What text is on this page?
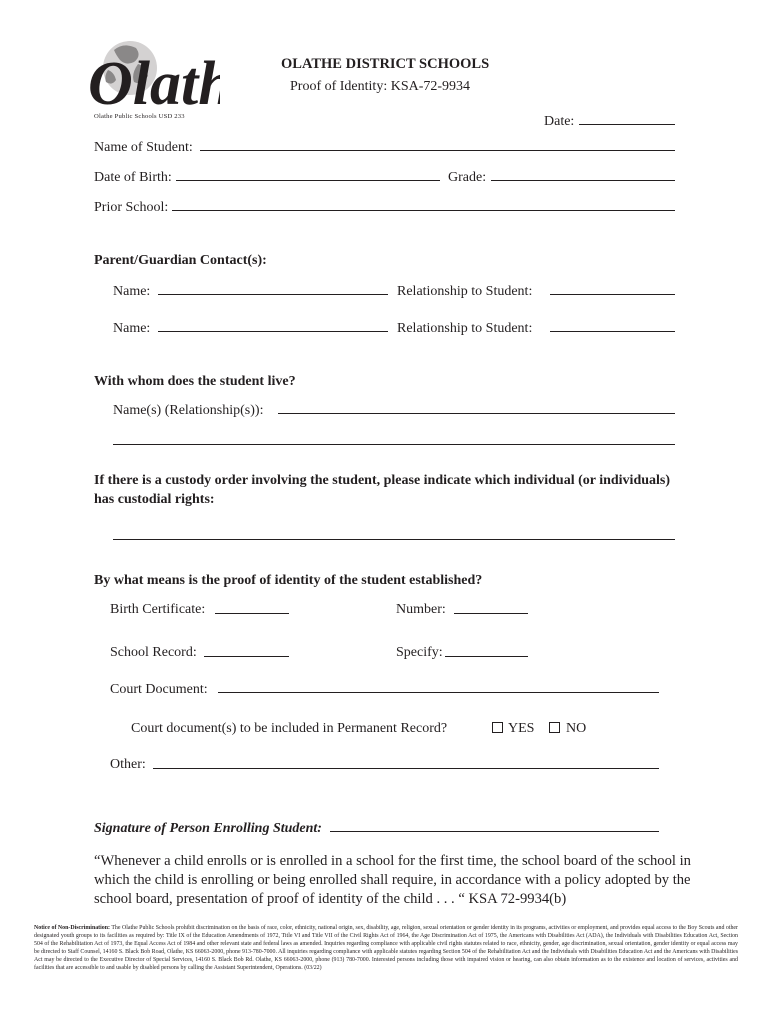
Olat
Olathe Public Schools USD 233
OLATHE DISTRICT SCHOOLS
Proof of Identity: KSA-72-9934
Date:
Name of Student:
Date of Birth:	Grade:
Prior School:
Parent/Guardian Contact(s):
Name:	Relationship to Student:
Name:	Relationship to Student:
With whom does the student live?
Name(s) (Relationship(s)):
If there is a custody order involving the student, please indicate which individual (or individuals)
has custodial rights:
By what means is the proof of identity of the student established?
Birth Certificate:	Number:
School Record:	Specify:
Court Document:
Court document(s) to be included in Permanent Record?	YES NO
Other:
Signature of Person Enrolling Student:
“Whenever a child enrolls or is enrolled in a school for the first time, the school board of the school in which the child is enrolling or being enrolled shall require, in accordance with a policy adopted by the school board, presentation of proof of identity of the child . . . “ KSA 72-9934(b)
Notice of Non-Discrimination: The Olathe Public Schools prohibit discrimination on the basis of race, color, ethnicity, national origin, sex, disability, age, religion, sexual orientation or gender identity in its programs, activities or employment, and provides equal access to the Boy Scouts and other designated youth groups to its facilities as required by: Title IX of the Education Amendments of 1972, Title VI and Title VII of the Civil Rights Act of 1964, the Age Discrimination Act of 1975, the Americans with Disabilities Act (ADA), the Individuals with Disabilities Education Act, Section 504 of the Rehabilitation Act of 1973, the Equal Access Act of 1984 and other relevant state and federal laws as amended. Inquiries regarding compliance with applicable civil rights statutes related to race, ethnicity, gender, age discrimination, sexual orientation, gender identity or equal access may be directed to Staff Counsel, 14160 S. Black Bob Road, Olathe, KS 66063-2000, phone 913-780-7000. All inquiries regarding compliance with applicable statutes regarding Section 504 of the Rehabilitation Act and the Individuals with Disabilities Education Act and the Americans with Disabilities Act may be directed to the Executive Director of Special Services, 14160 S. Black Bob Rd. Olathe, KS 66063-2000, phone (913) 780-7000. Interested persons including those with impaired vision or hearing, can also obtain information as to the existence and location of services, activities and facilities that are accessible to and usable by disabled persons by calling the Assistant Superintendent, Operations. (03/22)
